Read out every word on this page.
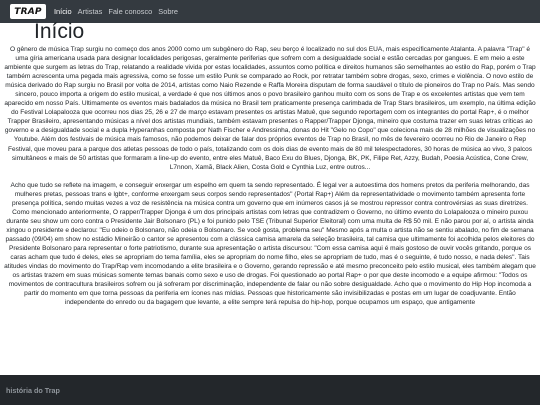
TRAP	Início Artistas Fale conosco Sobre
Início

O gênero de música Trap surgiu no começo dos anos 2000 como um subgênero do Rap, seu berço é localizado no sul dos EUA, mais especificamente Atalanta. A palavra "Trap" é uma gíria americana usada para designar localidades perigosas, geralmente periferias que sofrem com a desigualdade social e estão cercadas por gangues. E em meio a este ambiente que surgem as letras do Trap, relatando a realidade vivida por estas localidades, assuntos como política e direitos humanos são semelhantes ao estilo do Rap, porém o Trap também acrescenta uma pegada mais agressiva, como se fosse um estilo Punk se comparado ao Rock, por retratar também sobre drogas, sexo, crimes e violência. O novo estilo de música derivado do Rap surgiu no Brasil por volta de 2014, artistas como Naio Rezende e Raffa Moreira disputam de forma saudável o título de pioneiros do Trap no País. Mas sendo sincero, pouco importa a origem do estilo musical, a verdade é que nos últimos anos o povo brasileiro ganhou muito com os sons de Trap e os excelentes artistas que vem tem aparecido em nosso País. Ultimamente os eventos mais badalados da música no Brasil tem praticamente presença carimbada de Trap Stars brasileiros, um exemplo, na última edição do Festival Lolapalooza que ocorreu nos dias 25, 26 e 27 de março estavam presentes os artistas Matuê, que segundo reportagem com os integrantes do portal Rap+, é o melhor Trapper Brasileiro, apresentando músicas a nível dos artistas mundiais, também estavam presentes o Rapper/Trapper Djonga, mineiro que costuma trazer em suas letras críticas ao governo e a desigualdade social e a dupla Hyperanhas composta por Nath Fischer e Andressinha, donas do Hit "Gelo no Copo" que coleciona mais de 28 milhões de visualizações no Youtube. Além dos festivais de música mais famosos, não podemos deixar de falar dos próprios eventos de Trap no Brasil, no mês de fevereiro ocorreu no Rio de Janeiro o Rep Festival, que moveu para a parque dos atletas pessoas de todo o país, totalizando com os dois dias de evento mais de 80 mil telespectadores, 30 horas de música ao vivo, 3 palcos simultâneos e mais de 50 artistas que formaram a line-up do evento, entre eles Matuê, Baco Exu do Blues, Djonga, BK, PK, Filipe Ret, Azzy, Budah, Poesia Acústica, Cone Crew, L7nnon, Xamã, Black Alien, Costa Gold e Cynthia Luz, entre outros...

Acho que tudo se reflete na imagem, e conseguir enxergar um espelho em quem ta sendo representado. É legal ver a autoestima dos homens pretos da periferia melhorando, das mulheres pretas, pessoas trans e lgbt+, conforme enxergam seus corpos sendo representados" (Portal Rap+) Além da representatividade o movimento também apresenta forte presença política, sendo muitas vezes a voz de resistência na música contra um governo que em inúmeros casos já se mostrou repressor contra controvérsias as suas diretrizes. Como mencionado anteriormente, O rapper/Trapper Djonga é um dos principais artistas com letras que contradizem o Governo, no último evento do Lolapalooza o mineiro puxou durante seu show um coro contra o Presidente Jair Bolsonaro (PL) e foi punido pelo TSE (Tribunal Superior Eleitoral) com uma multa de R$ 50 mil. E não parou por aí, o artista ainda xingou o presidente e declarou: "Eu odeio o Bolsonaro, não odeia o Bolsonaro. Se você gosta, problema seu" Mesmo após a multa o artista não se sentiu abalado, no fim de semana passado (09/04) em show no estádio Mineirão o cantor se apresentou com a clássica camisa amarela da seleção brasileira, tal camisa que ultimamente foi acolhida pelos eleitores do Presidente Bolsonaro para representar o forte patriotismo, durante sua apresentação o artista discursou: "Com essa camisa aqui é mais gostoso de ouvir vocês gritando, porque os caras acham que tudo é deles, eles se apropriam do tema família, eles se apropriam do nome filho, eles se apropriam de tudo, mas é o seguinte, é tudo nosso, e nada deles". Tais atitudes vindas do movimento do Trap/Rap vem incomodando a elite brasileira e o Governo, gerando repressão e até mesmo preconceito pelo estilo musical, eles também alegam que os artistas trazem em suas músicas somente temas banais como sexo e uso de drogas. Foi questionado ao portal Rap+ o por que deste incomodo e a equipe afirmou: "Todos os movimentos de contracultura brasileiros sofrem ou já sofreram por discriminação, independente de falar ou não sobre desigualdade. Acho que o movimento do Hip Hop incomoda a partir do momento em que torna pessoas da periferia em ícones nas mídias. Pessoas que historicamente são invisibilizadas e postas em um lugar de coadjuvante. Então independente do enredo ou da bagagem que levante, a elite sempre terá repulsa do hip-hop, porque ocupamos um espaço, que antigamente

história do Trap
